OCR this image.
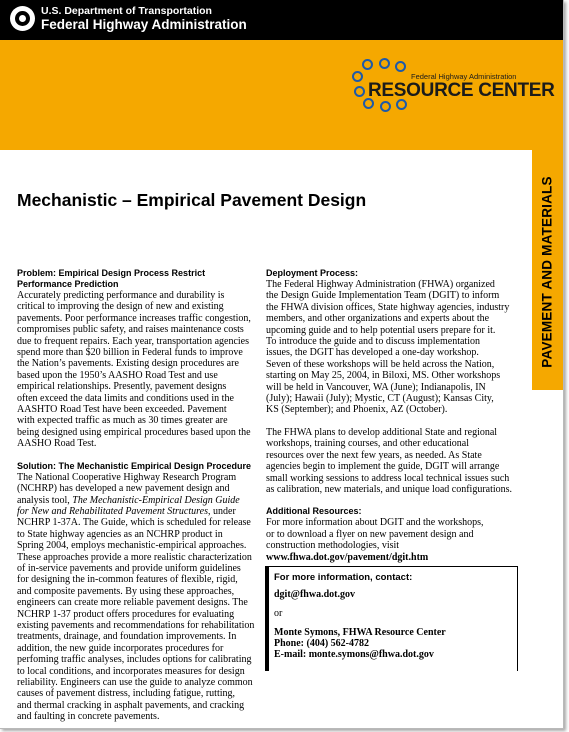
U.S. Department of Transportation
Federal Highway Administration
Federal Highway Administration
RESOURCE CENTER
PAVEMENT AND MATERIALS
Mechanistic – Empirical Pavement Design
Problem: Empirical Design Process Restrict
Performance Prediction
Accurately predicting performance and durability is
critical to improving the design of new and existing
pavements. Poor performance increases traffic congestion,
compromises public safety, and raises maintenance costs
due to frequent repairs. Each year, transportation agencies
spend more than $20 billion in Federal funds to improve
the Nation’s pavements. Existing design procedures are
based upon the 1950’s AASHO Road Test and use
empirical relationships. Presently, pavement designs
often exceed the data limits and conditions used in the
AASHTO Road Test have been exceeded. Pavement
with expected traffic as much as 30 times greater are
being designed using empirical procedures based upon the
AASHO Road Test.
Solution: The Mechanistic Empirical Design Procedure
The National Cooperative Highway Research Program
(NCHRP) has developed a new pavement design and
analysis tool, The Mechanistic-Empirical Design Guide
for New and Rehabilitated Pavement Structures, under
NCHRP 1-37A. The Guide, which is scheduled for release
to State highway agencies as an NCHRP product in
Spring 2004, employs mechanistic-empirical approaches.
These approaches provide a more realistic characterization
of in-service pavements and provide uniform guidelines
for designing the in-common features of flexible, rigid,
and composite pavements. By using these approaches,
engineers can create more reliable pavement designs. The
NCHRP 1-37 product offers procedures for evaluating
existing pavements and recommendations for rehabilitation
treatments, drainage, and foundation improvements. In
addition, the new guide incorporates procedures for
perfoming traffic analyses, includes options for calibrating
to local conditions, and incorporates measures for design
reliability. Engineers can use the guide to analyze common
causes of pavement distress, including fatigue, rutting,
and thermal cracking in asphalt pavements, and cracking
and faulting in concrete pavements.
Deployment Process:
The Federal Highway Administration (FHWA) organized
the Design Guide Implementation Team (DGIT) to inform
the FHWA division offices, State highway agencies, industry
members, and other organizations and experts about the
upcoming guide and to help potential users prepare for it.
To introduce the guide and to discuss implementation
issues, the DGIT has developed a one-day workshop.
Seven of these workshops will be held across the Nation,
starting on May 25, 2004, in Biloxi, MS. Other workshops
will be held in Vancouver, WA (June); Indianapolis, IN
(July); Hawaii (July); Mystic, CT (August); Kansas City,
KS (September); and Phoenix, AZ (October).
The FHWA plans to develop additional State and regional
workshops, training courses, and other educational
resources over the next few years, as needed. As State
agencies begin to implement the guide, DGIT will arrange
small working sessions to address local technical issues such
as calibration, new materials, and unique load configurations.
Additional Resources:
For more information about DGIT and the workshops,
or to download a flyer on new pavement design and
construction methodologies, visit
www.fhwa.dot.gov/pavement/dgit.htm
For more information, contact:
dgit@fhwa.dot.gov
or
Monte Symons, FHWA Resource Center
Phone: (404) 562-4782
E-mail: monte.symons@fhwa.dot.gov
